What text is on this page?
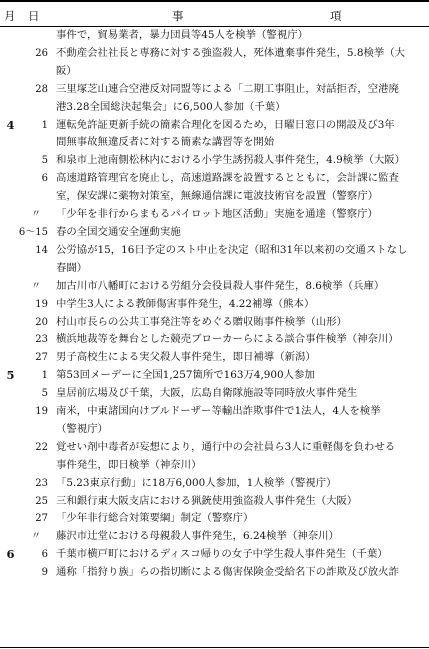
月 日	事	項
事件で，貿易業者，暴力団員等45人を検挙（警視庁）
26 不動産会社社長と専務に対する強盗殺人，死体遺棄事件発生，5.8検挙（大
阪）
28 三里塚芝山連合空港反対同盟等による「二期工事阻止，対話拒否，空港廃
港3.28全国総決起集会」に6,500人参加（千葉）
4	1 運転免許証更新手続の簡素合理化を図るため，日曜日窓口の開設及び3年
間無事故無違反者に対する簡素な講習等を開始
5 和泉市上池南側松林内における小学生誘拐殺人事件発生，4.9検挙（大阪）
6 高速道路管理官を廃止し，高速道路課を設置するとともに，会計課に監査
室，保安課に薬物対策室，無線通信課に電波技術官を設置（警察庁）
〃	「少年を非行からまもるパイロット地区活動」実施を通達（警察庁）
6～15 春の全国交通安全運動実施
14 公労協が15，16日予定のスト中止を決定（昭和31年以来初の交通ストなし
春闘）
〃	加古川市八幡町における労組分会役員殺人事件発生，8.6検挙（兵庫）
19 中学生3人による教師傷害事件発生，4.22補導（熊本）
20 村山市長らの公共工事発注等をめぐる贈収賄事件検挙（山形）
23 横浜地裁等を舞台とした競売ブローカーらによる談合事件検挙（神奈川）
27 男子高校生による実父殺人事件発生，即日補導（新潟）
5	1 第53回メーデーに全国1,257箇所で163万4,900人参加
5 皇居前広場及び千葉，大阪，広島自衛隊施設等同時放火事件発生
19 南米，中東諸国向けブルドーザー等輸出詐欺事件で1法人，4人を検挙
（警視庁）
22 覚せい剤中毒者が妄想により，通行中の会社員ら3人に重軽傷を負わせる
事件発生，即日検挙（神奈川）
23 「5.23東京行動」に18万6,000人参加，1人検挙（警視庁）
25 三和銀行東大阪支店における猟銃使用強盗殺人事件発生（大阪）
27 「少年非行総合対策要綱」制定（警察庁）
〃	藤沢市辻堂における母親殺人事件発生，6.24検挙（神奈川）
6	6 千葉市横戸町におけるディスコ帰りの女子中学生殺人事件発生（千葉）
9 通称「指狩り族」らの指切断による傷害保険金受給名下の詐欺及び放火詐
